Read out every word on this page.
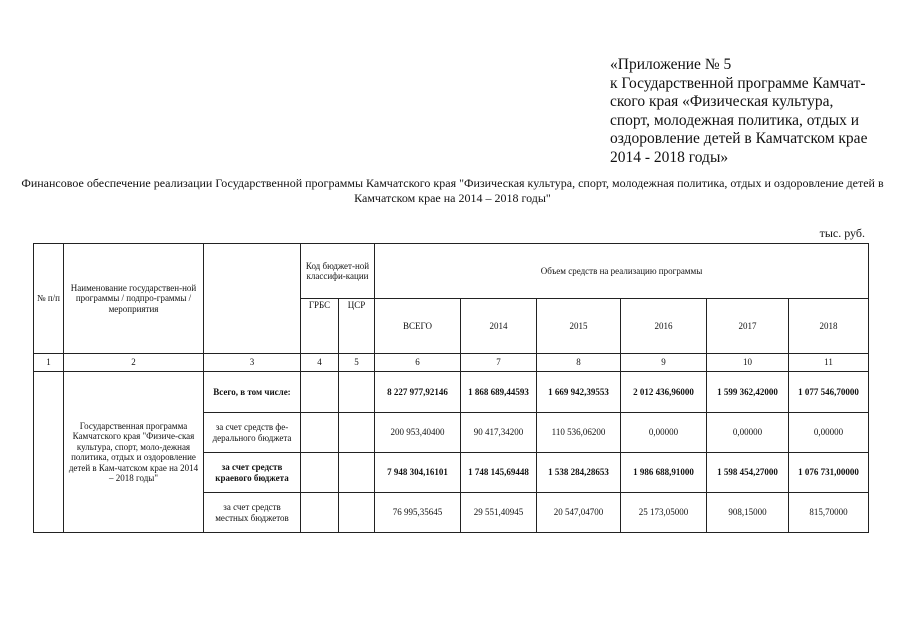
«Приложение № 5
к Государственной программе Камчат-
ского края «Физическая культура,
спорт, молодежная политика, отдых и
оздоровление детей в Камчатском крае
2014 - 2018 годы»
Финансовое обеспечение реализации Государственной программы Камчатского края "Физическая культура, спорт, молодежная политика, отдых и оздоровление детей в Камчатском крае на 2014 – 2018 годы"
тыс. руб.
№ п/п	Наименование государствен-ной программы / подпро-граммы / мероприятия		Код бюджет-ной классифи-кации		Объем средств на реализацию программы					
			ГРБС	ЦСР	ВСЕГО	2014	2015	2016	2017	2018
1	2	3	4	5	6	7	8	9	10	11
	Государственная программа Камчатского края "Физиче-ская культура, спорт, моло-дежная политика, отдых и оздоровление детей в Кам-чатском крае на 2014 – 2018 годы"	Всего, в том числе:			8 227 977,92146	1 868 689,44593	1 669 942,39553	2 012 436,96000	1 599 362,42000	1 077 546,70000
		за счет средств фе-дерального бюджета			200 953,40400	90 417,34200	110 536,06200	0,00000	0,00000	0,00000
		за счет средств краевого бюджета			7 948 304,16101	1 748 145,69448	1 538 284,28653	1 986 688,91000	1 598 454,27000	1 076 731,00000
		за счет средств местных бюджетов			76 995,35645	29 551,40945	20 547,04700	25 173,05000	908,15000	815,70000
